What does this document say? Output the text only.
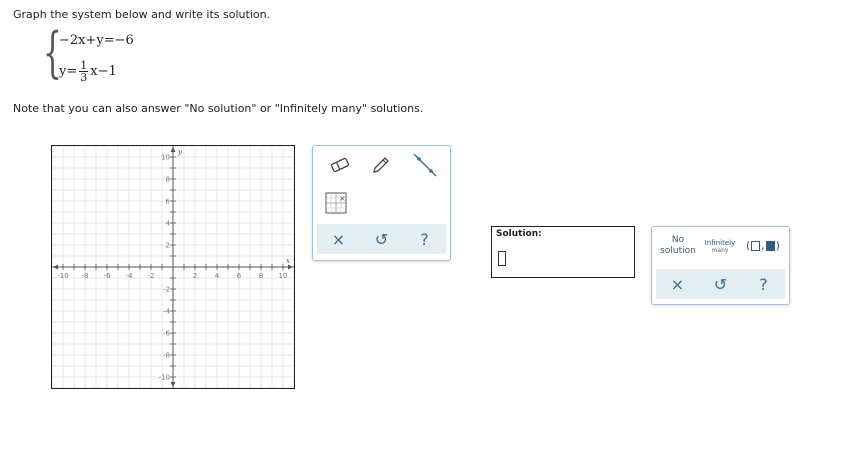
Graph the system below and write its solution.
{
−2x+y=−6
$y= \frac{1}{3} x-1$
Note that you can also answer "No solution" or "Infinitely many" solutions.
-10 -8 -6 -4 -2	2	4	6	8 10
10
8
6
4
2
-2
-4
-6
-8
-10
x
y
×
×	↺	?	Solution:
No
solution
Infinitely
many	( , )
×	↺	?
